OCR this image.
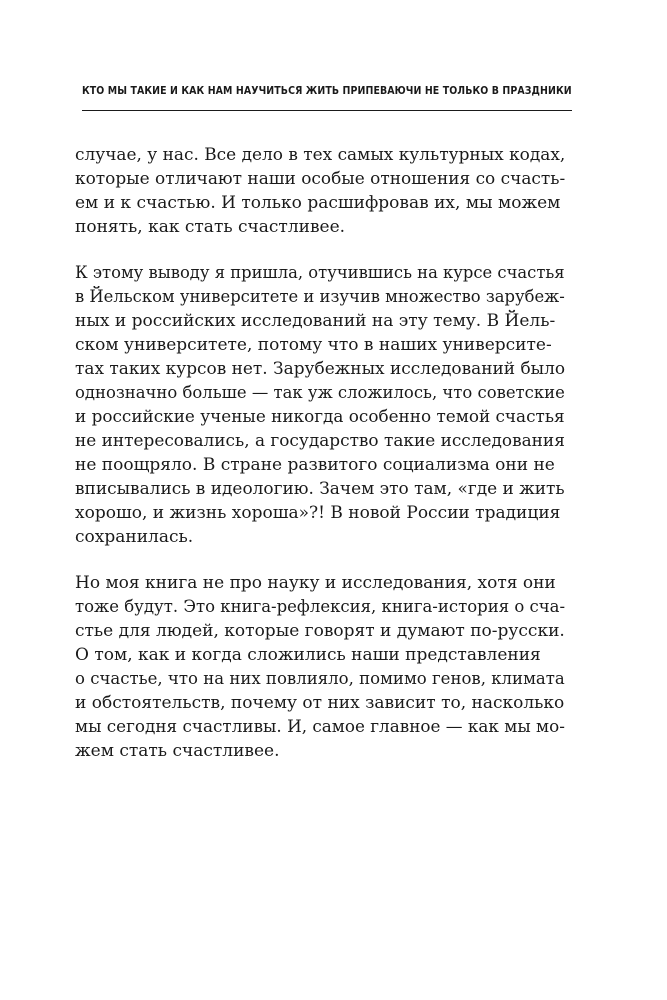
КТО МЫ ТАКИЕ И КАК НАМ НАУЧИТЬСЯ ЖИТЬ ПРИПЕВАЮЧИ НЕ ТОЛЬКО В ПРАЗДНИКИ

случае, у нас. Все дело в тех самых культурных кодах,
которые отличают наши особые отношения со счасть-
ем и к счастью. И только расшифровав их, мы можем
понять, как стать счастливее.

К этому выводу я пришла, отучившись на курсе счастья
в Йельском университете и изучив множество зарубеж-
ных и российских исследований на эту тему. В Йель-
ском университете, потому что в наших университе-
тах таких курсов нет. Зарубежных исследований было
однозначно больше — так уж сложилось, что советские
и российские ученые никогда особенно темой счастья
не интересовались, а государство такие исследования
не поощряло. В стране развитого социализма они не
вписывались в идеологию. Зачем это там, «где и жить
хорошо, и жизнь хороша»?! В новой России традиция
сохранилась.

Но моя книга не про науку и исследования, хотя они
тоже будут. Это книга-рефлексия, книга-история о сча-
стье для людей, которые говорят и думают по-русски.
О том, как и когда сложились наши представления
о счастье, что на них повлияло, помимо генов, климата
и обстоятельств, почему от них зависит то, насколько
мы сегодня счастливы. И, самое главное — как мы мо-
жем стать счастливее.
